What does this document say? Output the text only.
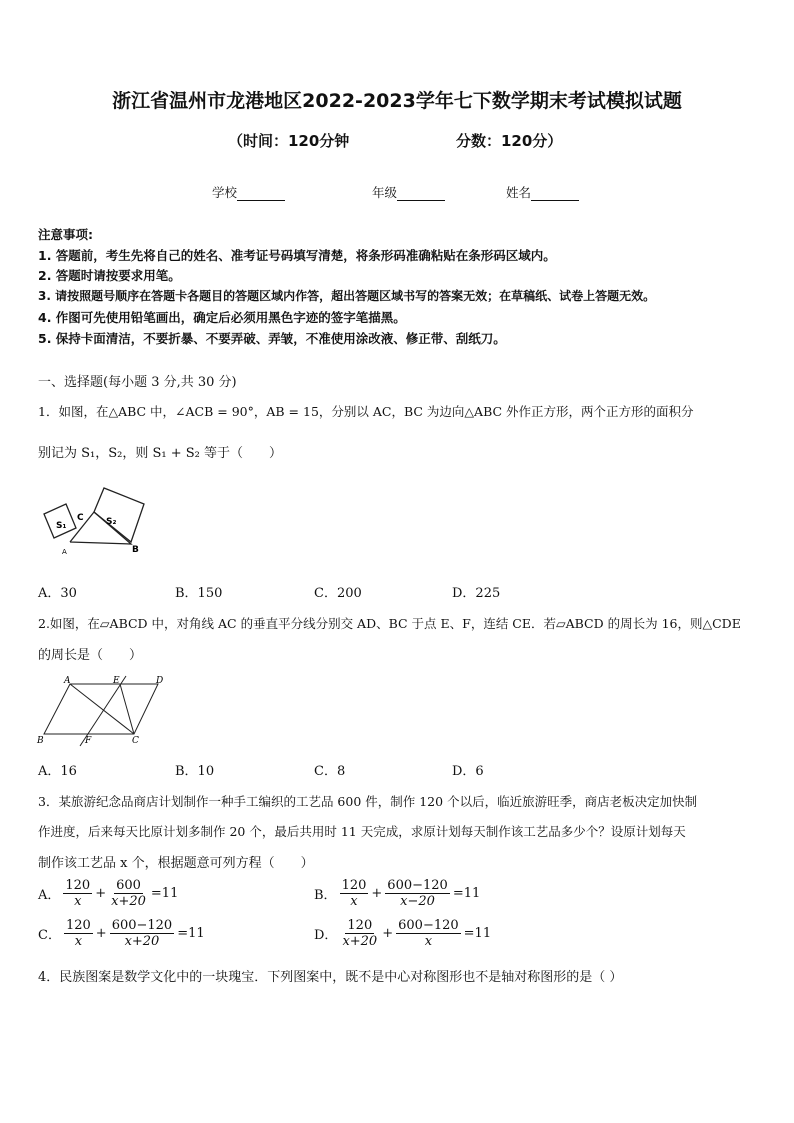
浙江省温州市龙港地区2022-2023学年七下数学期末考试模拟试题
（时间：120分钟	分数：120分）
学校	年级	姓名
注意事项:
1. 答题前，考生先将自己的姓名、准考证号码填写清楚，将条形码准确粘贴在条形码区域内。
2. 答题时请按要求用笔。
3. 请按照题号顺序在答题卡各题目的答题区域内作答，超出答题区域书写的答案无效；在草稿纸、试卷上答题无效。
4. 作图可先使用铅笔画出，确定后必须用黑色字迹的签字笔描黑。
5. 保持卡面清洁，不要折暴、不要弄破、弄皱，不准使用涂改液、修正带、刮纸刀。
一、选择题(每小题 3 分,共 30 分)
1．如图，在△ABC 中，∠ACB = 90°，AB = 15，分别以 AC，BC 为边向△ABC 外作正方形，两个正方形的面积分
别记为 S₁，S₂，则 S₁ + S₂ 等于（　　）
C S₂
S₁
B
A
A．30	B．150	C．200	D．225
2.如图，在▱ABCD 中，对角线 AC 的垂直平分线分别交 AD、BC 于点 E、F，连结 CE．若▱ABCD 的周长为 16，则△CDE
的周长是（　　）
A	E	D
B	F	C
A．16	B．10	C．8	D．6
3．某旅游纪念品商店计划制作一种手工编织的工艺品 600 件，制作 120 个以后，临近旅游旺季，商店老板决定加快制
作进度，后来每天比原计划多制作 20 个，最后共用时 11 天完成，求原计划每天制作该工艺品多少个？设原计划每天
制作该工艺品 x 个，根据题意可列方程（　　）
A． $\frac{120}{x} + \frac{600}{x+20} =11$	B． $\frac{120}{x} + \frac{600-120}{x-20} =11$
C． $\frac{120}{x} + \frac{600-120}{x+20} =11$	D． $\frac{120}{x+20} + \frac{600-120}{x} =11$
4．民族图案是数学文化中的一块瑰宝．下列图案中，既不是中心对称图形也不是轴对称图形的是（ ）
